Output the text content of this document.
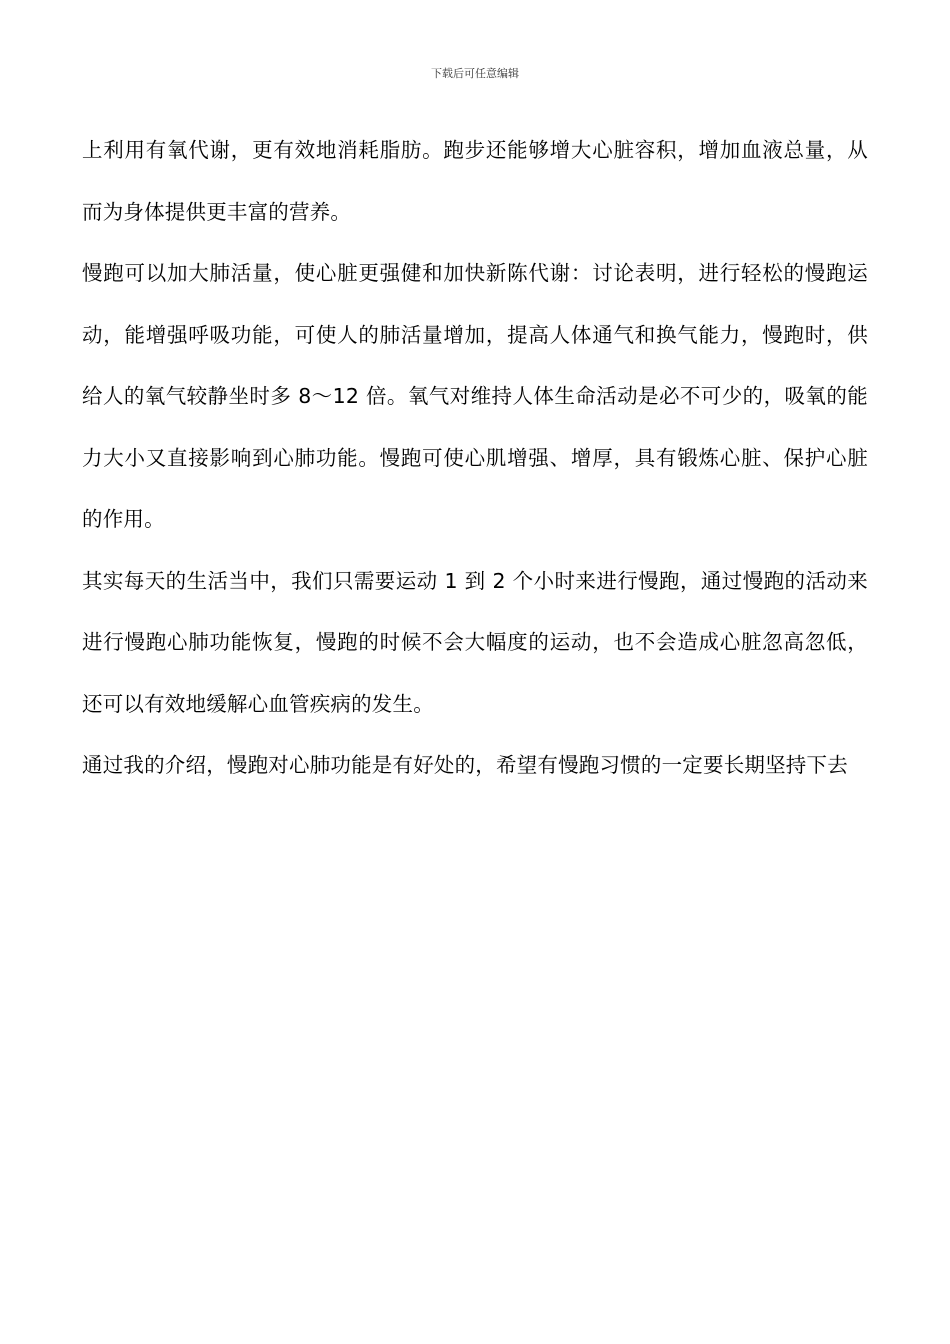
下载后可任意编辑

上利用有氧代谢，更有效地消耗脂肪。跑步还能够增大心脏容积，增加血液总量，从而为身体提供更丰富的营养。

慢跑可以加大肺活量，使心脏更强健和加快新陈代谢：讨论表明，进行轻松的慢跑运动，能增强呼吸功能，可使人的肺活量增加，提高人体通气和换气能力，慢跑时，供给人的氧气较静坐时多 8～12 倍。氧气对维持人体生命活动是必不可少的，吸氧的能力大小又直接影响到心肺功能。慢跑可使心肌增强、增厚，具有锻炼心脏、保护心脏的作用。

其实每天的生活当中，我们只需要运动 1 到 2 个小时来进行慢跑，通过慢跑的活动来进行慢跑心肺功能恢复，慢跑的时候不会大幅度的运动，也不会造成心脏忽高忽低，还可以有效地缓解心血管疾病的发生。

通过我的介绍，慢跑对心肺功能是有好处的，希望有慢跑习惯的一定要长期坚持下去
